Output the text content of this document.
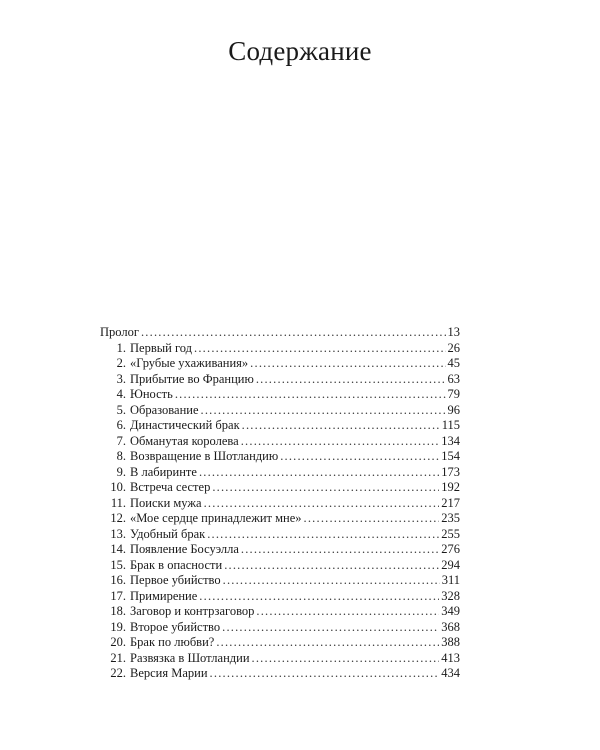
Содержание
Пролог .....	13
1. Первый год .....	26
2. «Грубые ухаживания» .....	45
3. Прибытие во Францию .....	63
4. Юность .....	79
5. Образование .....	96
6. Династический брак .....	115
7. Обманутая королева .....	134
8. Возвращение в Шотландию .....	154
9. В лабиринте .....	173
10. Встреча сестер .....	192
11. Поиски мужа .....	217
12. «Мое сердце принадлежит мне» .....	235
13. Удобный брак .....	255
14. Появление Босуэлла .....	276
15. Брак в опасности .....	294
16. Первое убийство .....	311
17. Примирение .....	328
18. Заговор и контрзаговор .....	349
19. Второе убийство .....	368
20. Брак по любви? .....	388
21. Развязка в Шотландии .....	413
22. Версия Марии .....	434
